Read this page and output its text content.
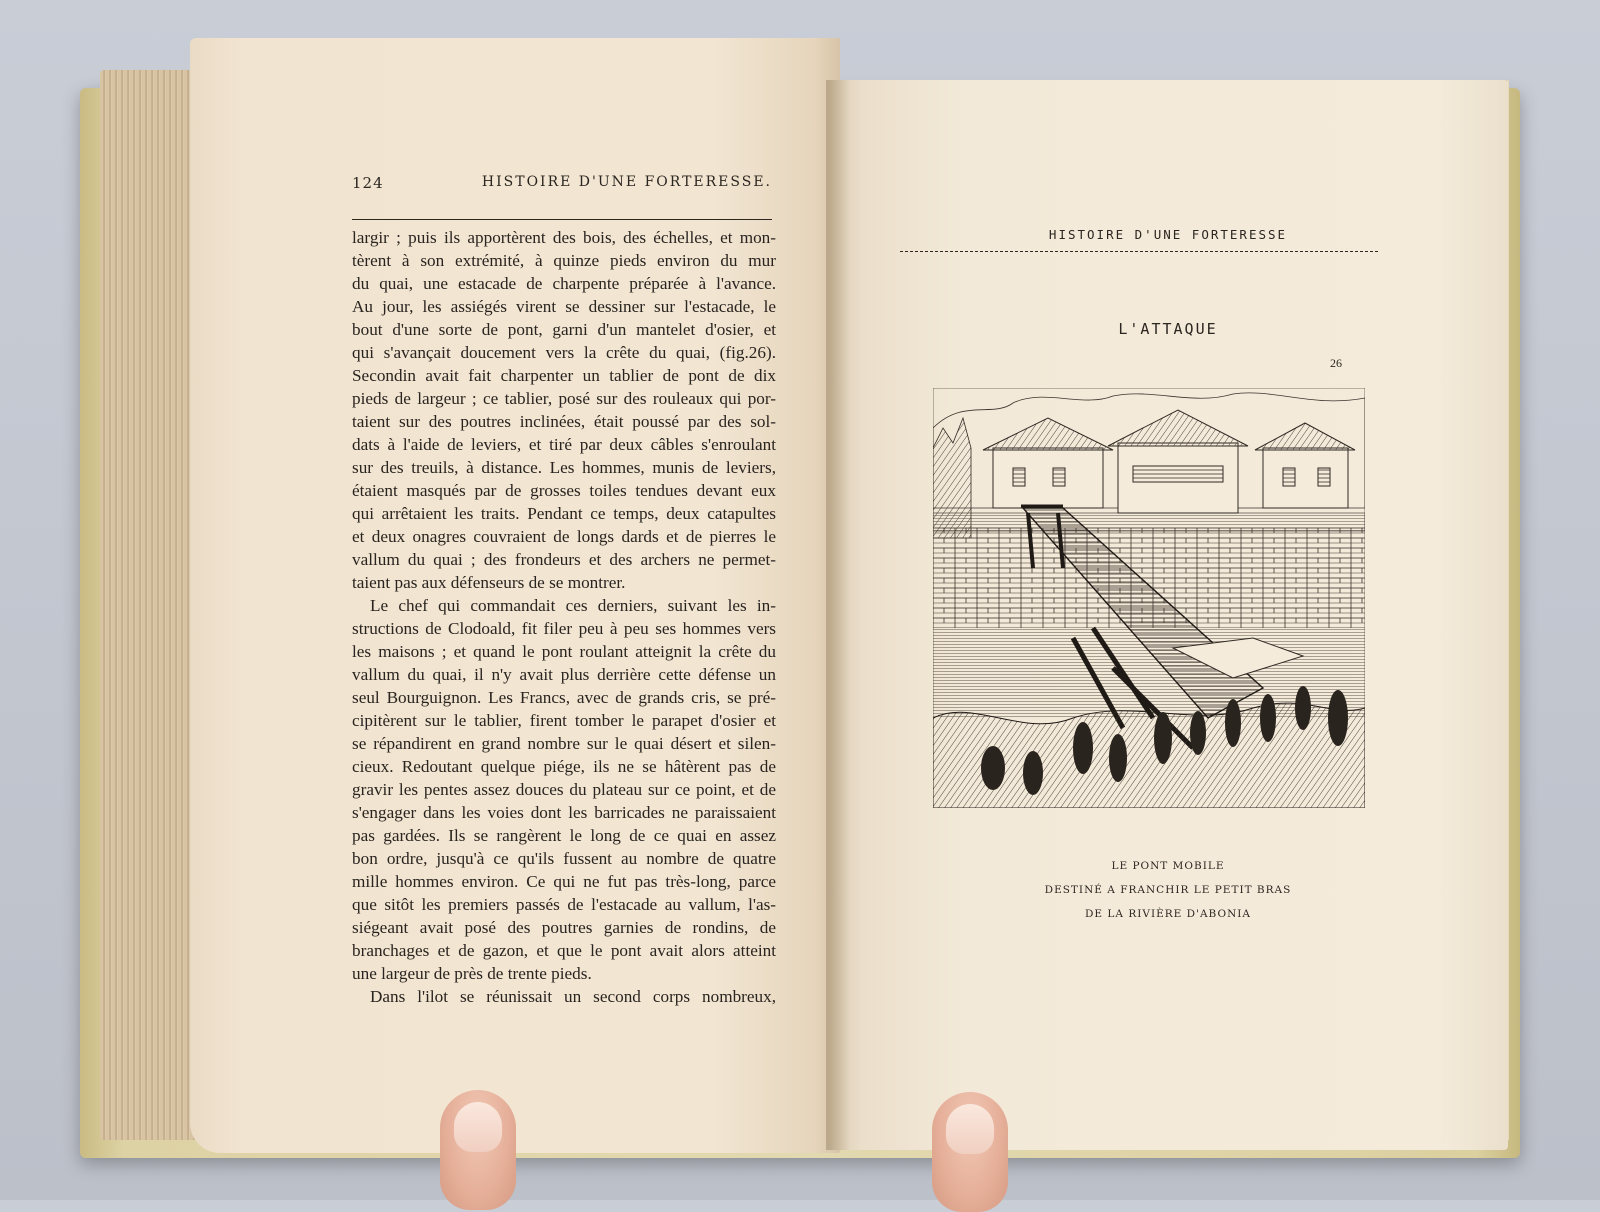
124	HISTOIRE D'UNE FORTERESSE.
largir ; puis ils apportèrent des bois, des échelles, et mon-
tèrent à son extrémité, à quinze pieds environ du mur
du quai, une estacade de charpente préparée à l'avance.
Au jour, les assiégés virent se dessiner sur l'estacade, le
bout d'une sorte de pont, garni d'un mantelet d'osier, et
qui s'avançait doucement vers la crête du quai, (fig.26).
Secondin avait fait charpenter un tablier de pont de dix
pieds de largeur ; ce tablier, posé sur des rouleaux qui por-
taient sur des poutres inclinées, était poussé par des sol-
dats à l'aide de leviers, et tiré par deux câbles s'enroulant
sur des treuils, à distance. Les hommes, munis de leviers,
étaient masqués par de grosses toiles tendues devant eux
qui arrêtaient les traits. Pendant ce temps, deux catapultes
et deux onagres couvraient de longs dards et de pierres le
vallum du quai ; des frondeurs et des archers ne permet-
taient pas aux défenseurs de se montrer.
Le chef qui commandait ces derniers, suivant les in-
structions de Clodoald, fit filer peu à peu ses hommes vers
les maisons ; et quand le pont roulant atteignit la crête du
vallum du quai, il n'y avait plus derrière cette défense un
seul Bourguignon. Les Francs, avec de grands cris, se pré-
cipitèrent sur le tablier, firent tomber le parapet d'osier et
se répandirent en grand nombre sur le quai désert et silen-
cieux. Redoutant quelque piége, ils ne se hâtèrent pas de
gravir les pentes assez douces du plateau sur ce point, et de
s'engager dans les voies dont les barricades ne paraissaient
pas gardées. Ils se rangèrent le long de ce quai en assez
bon ordre, jusqu'à ce qu'ils fussent au nombre de quatre
mille hommes environ. Ce qui ne fut pas très-long, parce
que sitôt les premiers passés de l'estacade au vallum, l'as-
siégeant avait posé des poutres garnies de rondins, de
branchages et de gazon, et que le pont avait alors atteint
une largeur de près de trente pieds.
Dans l'ilot se réunissait un second corps nombreux,
HISTOIRE D'UNE FORTERESSE
L'ATTAQUE
26
LE PONT MOBILE
DESTINÉ A FRANCHIR LE PETIT BRAS
DE LA RIVIÈRE D'ABONIA
